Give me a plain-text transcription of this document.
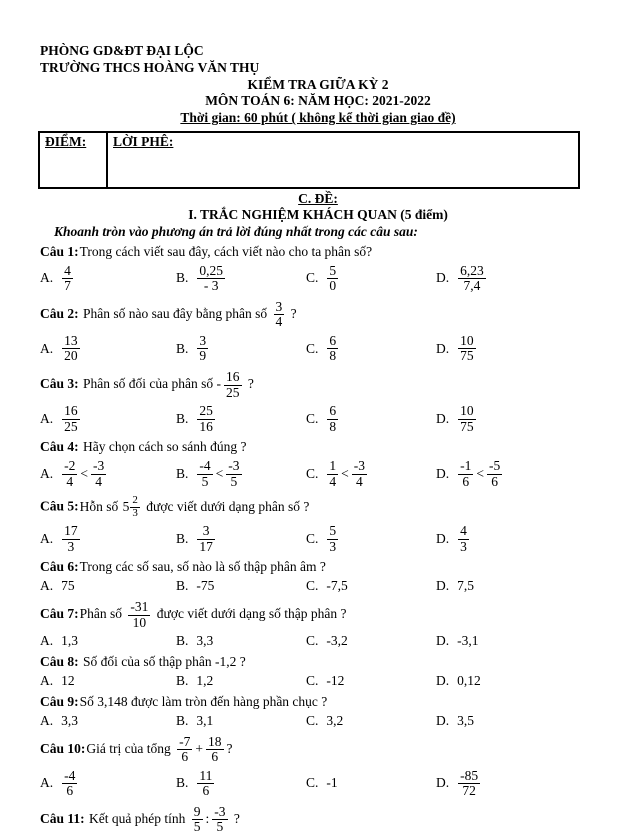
PHÒNG GD&ĐT ĐẠI LỘC
TRƯỜNG THCS HOÀNG VĂN THỤ
KIỂM TRA GIỮA KỲ 2
MÔN TOÁN 6: NĂM HỌC: 2021-2022
Thời gian: 60 phút ( không kể thời gian giao đề)
ĐIỂM:	LỜI PHÊ:
C. ĐỀ:
I. TRẮC NGHIỆM KHÁCH QUAN (5 điểm)
Khoanh tròn vào phương án trả lời đúng nhất trong các câu sau:
Câu 1:Trong cách viết sau đây, cách viết nào cho ta phân số?
A. $\frac{4}{7}$	B. $\frac{0,25}{- 3}$	C. $\frac{5}{0}$	D. $\frac{6,23}{7,4}$
Câu 2: Phân số nào sau đây bằng phân số $\frac{3}{4}$ ?
A. $\frac{13}{20}$	B. $\frac{3}{9}$	C. $\frac{6}{8}$	D. $\frac{10}{75}$
Câu 3: Phân số đối của phân số - $\frac{16}{25}$ ?
A. $\frac{16}{25}$	B. $\frac{25}{16}$	C. $\frac{6}{8}$	D. $\frac{10}{75}$
Câu 4: Hãy chọn cách so sánh đúng ?
A. $\frac{-2}{4} < \frac{-3}{4}$	B. $\frac{-4}{5} < \frac{-3}{5}$	C. $\frac{1}{4} < \frac{-3}{4}$	D. $\frac{-1}{6} < \frac{-5}{6}$
Câu 5:Hỗn số $5 \frac{2}{3}$ được viết dưới dạng phân số ?
A. $\frac{17}{3}$	B. $\frac{3}{17}$	C. $\frac{5}{3}$	D. $\frac{4}{3}$
Câu 6:Trong các số sau, số nào là số thập phân âm ?
A. 75	B. -75	C. -7,5	D. 7,5
Câu 7:Phân số $\frac{-31}{10}$ được viết dưới dạng số thập phân ?
A. 1,3	B. 3,3	C. -3,2	D. -3,1
Câu 8: Số đối của số thập phân -1,2 ?
A. 12	B. 1,2	C. -12	D. 0,12
Câu 9:Số 3,148 được làm tròn đến hàng phần chục ?
A. 3,3	B. 3,1	C. 3,2	D. 3,5
Câu 10:Giá trị của tổng $\frac{-7}{6} + \frac{18}{6}$ ?
A. $\frac{-4}{6}$	B. $\frac{11}{6}$	C. -1	D. $\frac{-85}{72}$
Câu 11: Kết quả phép tính $\frac{9}{5}$ : $\frac{-3}{5}$ ?
